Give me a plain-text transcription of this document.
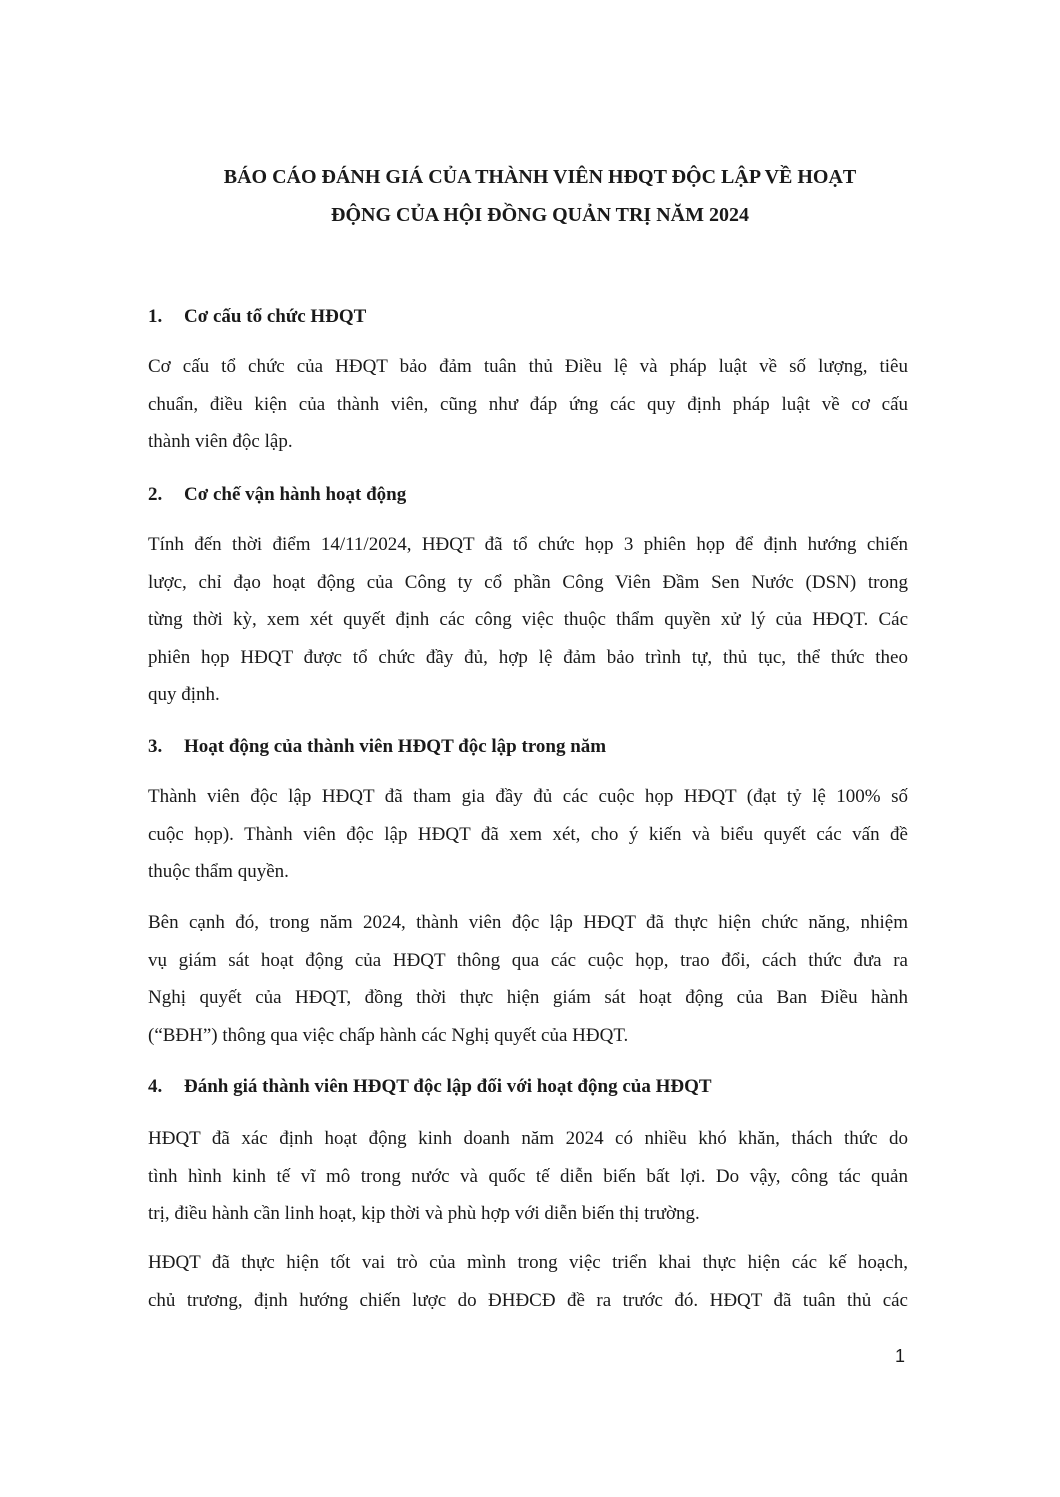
BÁO CÁO ĐÁNH GIÁ CỦA THÀNH VIÊN HĐQT ĐỘC LẬP VỀ HOẠT
ĐỘNG CỦA HỘI ĐỒNG QUẢN TRỊ NĂM 2024
1. Cơ cấu tổ chức HĐQT
Cơ cấu tổ chức của HĐQT bảo đảm tuân thủ Điều lệ và pháp luật về số lượng, tiêu
chuẩn, điều kiện của thành viên, cũng như đáp ứng các quy định pháp luật về cơ cấu
thành viên độc lập.
2. Cơ chế vận hành hoạt động
Tính đến thời điểm 14/11/2024, HĐQT đã tổ chức họp 3 phiên họp để định hướng chiến
lược, chỉ đạo hoạt động của Công ty cổ phần Công Viên Đầm Sen Nước (DSN) trong
từng thời kỳ, xem xét quyết định các công việc thuộc thẩm quyền xử lý của HĐQT. Các
phiên họp HĐQT được tổ chức đầy đủ, hợp lệ đảm bảo trình tự, thủ tục, thể thức theo
quy định.
3. Hoạt động của thành viên HĐQT độc lập trong năm
Thành viên độc lập HĐQT đã tham gia đầy đủ các cuộc họp HĐQT (đạt tỷ lệ 100% số
cuộc họp). Thành viên độc lập HĐQT đã xem xét, cho ý kiến và biểu quyết các vấn đề
thuộc thẩm quyền.
Bên cạnh đó, trong năm 2024, thành viên độc lập HĐQT đã thực hiện chức năng, nhiệm
vụ giám sát hoạt động của HĐQT thông qua các cuộc họp, trao đổi, cách thức đưa ra
Nghị quyết của HĐQT, đồng thời thực hiện giám sát hoạt động của Ban Điều hành
(“BĐH”) thông qua việc chấp hành các Nghị quyết của HĐQT.
4. Đánh giá thành viên HĐQT độc lập đối với hoạt động của HĐQT
HĐQT đã xác định hoạt động kinh doanh năm 2024 có nhiều khó khăn, thách thức do
tình hình kinh tế vĩ mô trong nước và quốc tế diễn biến bất lợi. Do vậy, công tác quản
trị, điều hành cần linh hoạt, kịp thời và phù hợp với diễn biến thị trường.
HĐQT đã thực hiện tốt vai trò của mình trong việc triển khai thực hiện các kế hoạch,
chủ trương, định hướng chiến lược do ĐHĐCĐ đề ra trước đó. HĐQT đã tuân thủ các
1
